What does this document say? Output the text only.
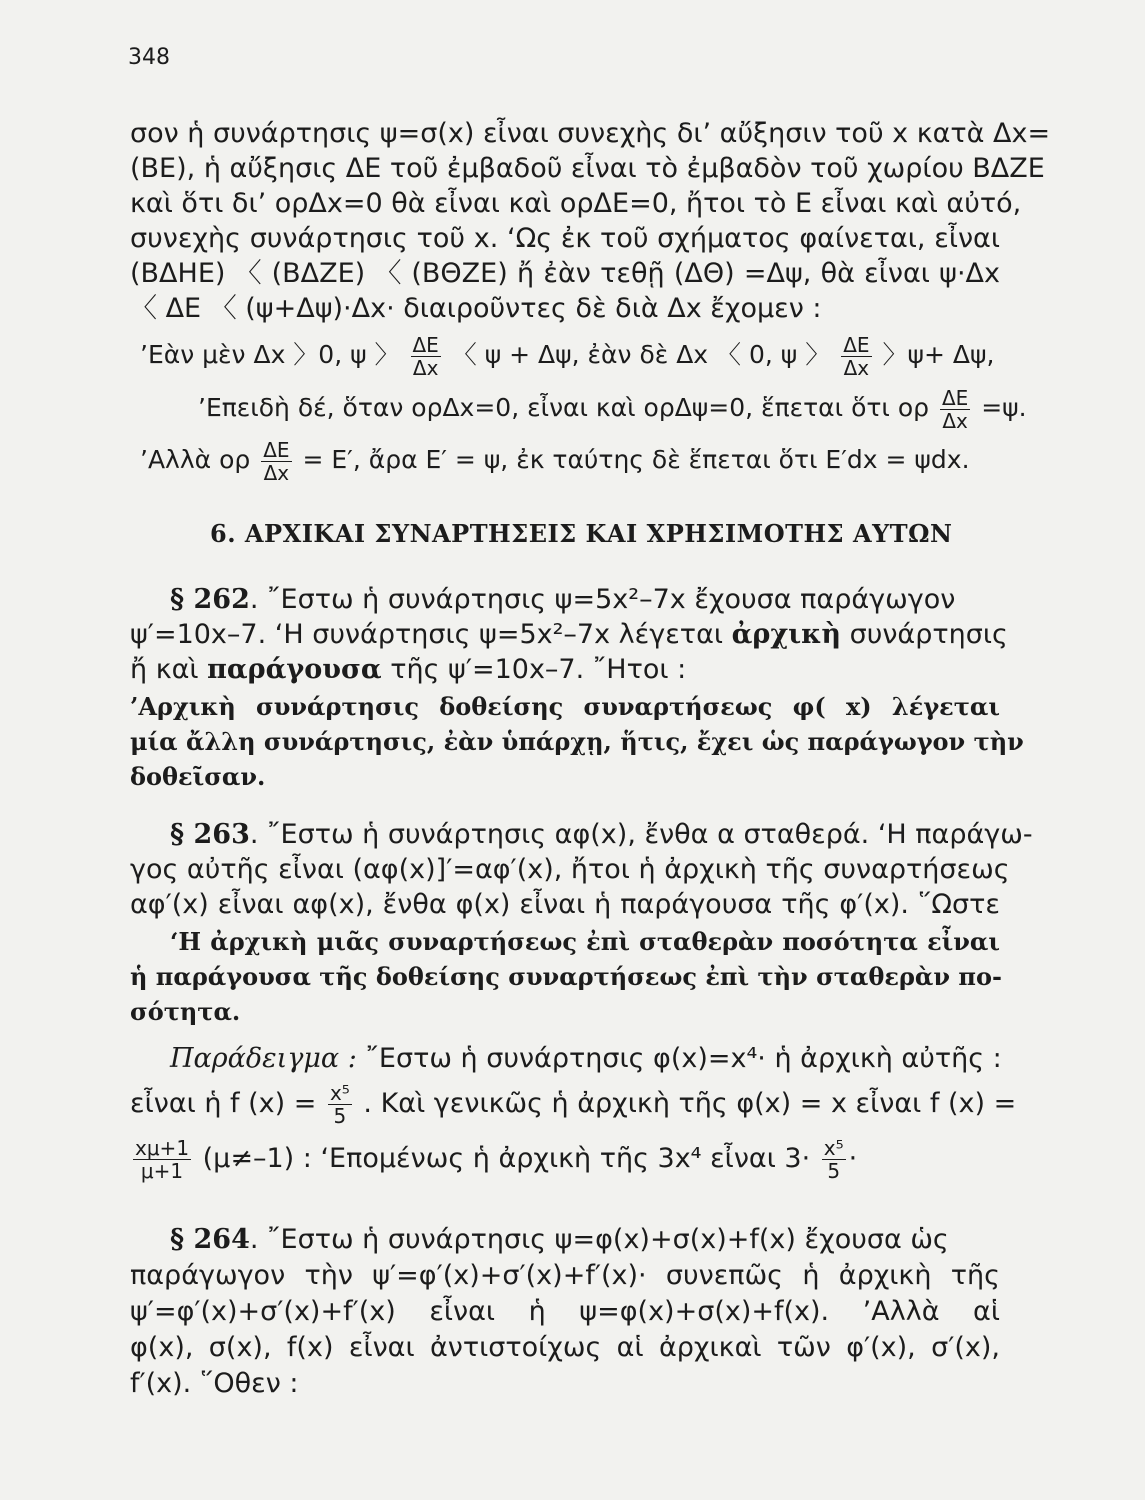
348
σον ἡ συνάρτησις ψ=σ(x) εἶναι συνεχὴς δι’ αὔξησιν τοῦ x κατὰ Δx=
(ΒΕ), ἡ αὔξησις ΔΕ τοῦ ἐμβαδοῦ εἶναι τὸ ἐμβαδὸν τοῦ χωρίου ΒΔΖΕ
καὶ ὅτι δι’ ορΔx=0 θὰ εἶναι καὶ ορΔΕ=0, ἤτοι τὸ Ε εἶναι καὶ αὐτό,
συνεχὴς συνάρτησις τοῦ x. ‘Ως ἐκ τοῦ σχήματος φαίνεται, εἶναι
(ΒΔΗΕ) 〈 (ΒΔΖΕ) 〈 (ΒΘΖΕ) ἤ ἐὰν τεθῇ (ΔΘ) =Δψ, θὰ εἶναι ψ·Δx
〈 ΔΕ 〈 (ψ+Δψ)·Δx· διαιροῦντες δὲ διὰ Δx ἔχομεν :
’Εὰν μὲν Δx 〉0, ψ 〉 $\frac{\Delta E}{\Delta x}$ 〈 ψ + Δψ, ἐὰν δὲ Δx 〈 0, ψ 〉 $\frac{\Delta E}{\Delta x}$ 〉ψ+ Δψ,
’Επειδὴ δέ, ὅταν ορΔx=0, εἶναι καὶ ορΔψ=0, ἕπεται ὅτι ορ $\frac{\Delta E}{\Delta x} =\psi$.
’Αλλὰ ορ $\frac{\Delta E}{\Delta x} = E'$, ἄρα Ε′ = ψ, ἐκ ταύτης δὲ ἕπεται ὅτι Ε′dx = ψdx.
6. ΑΡΧΙΚΑΙ ΣΥΝΑΡΤΗΣΕΙΣ ΚΑΙ ΧΡΗΣΙΜΟΤΗΣ ΑΥΤΩΝ
§ 262. ῎Εστω ἡ συνάρτησις ψ=5x²–7x ἔχουσα παράγωγον
ψ′=10x–7. ‘Η συνάρτησις ψ=5x²–7x λέγεται ἀρχικὴ συνάρτησις
ἤ καὶ παράγουσα τῆς ψ′=10x–7. ῎Ητοι :
’Αρχικὴ συνάρτησις δοθείσης συναρτήσεως φ( x) λέγεται
μία ἄλλη συνάρτησις, ἐὰν ὑπάρχῃ, ἥτις, ἔχει ὡς παράγωγον τὴν
δοθεῖσαν.
§ 263. ῎Εστω ἡ συνάρτησις αφ(x), ἔνθα α σταθερά. ‘Η παράγω-
γος αὐτῆς εἶναι (αφ(x)]′=αφ′(x), ἤτοι ἡ ἀρχικὴ τῆς συναρτήσεως
αφ′(x) εἶναι αφ(x), ἔνθα φ(x) εἶναι ἡ παράγουσα τῆς φ′(x). ῞Ωστε
‘Η ἀρχικὴ μιᾶς συναρτήσεως ἐπὶ σταθερὰν ποσότητα εἶναι
ἡ παράγουσα τῆς δοθείσης συναρτήσεως ἐπὶ τὴν σταθερὰν πο-
σότητα.
Παράδειγμα : ῎Εστω ἡ συνάρτησις φ(x)=x⁴· ἡ ἀρχικὴ αὐτῆς :
εἶναι ἡ f $(x) = \frac{\text{x⁵}}{5}$ . Καὶ γενικῶς ἡ ἀρχικὴ τῆς φ(x) = x εἶναι f (x) =
$\frac{x\mu+1}{\mu+1} (\mu\ne-1)$ : ‘Επομένως ἡ ἀρχικὴ τῆς 3x⁴ εἶναι $3\cdot \frac{\text{x⁵}}{5}$ ·
§ 264. ῎Εστω ἡ συνάρτησις ψ=φ(x)+σ(x)+f(x) ἔχουσα ὡς
παράγωγον τὴν ψ′=φ′(x)+σ′(x)+f′(x)· συνεπῶς ἡ ἀρχικὴ τῆς
ψ′=φ′(x)+σ′(x)+f′(x) εἶναι ἡ ψ=φ(x)+σ(x)+f(x). ’Αλλὰ αἱ
φ(x), σ(x), f(x) εἶναι ἀντιστοίχως αἱ ἀρχικαὶ τῶν φ′(x), σ′(x),
f′(x). ῞Οθεν :
